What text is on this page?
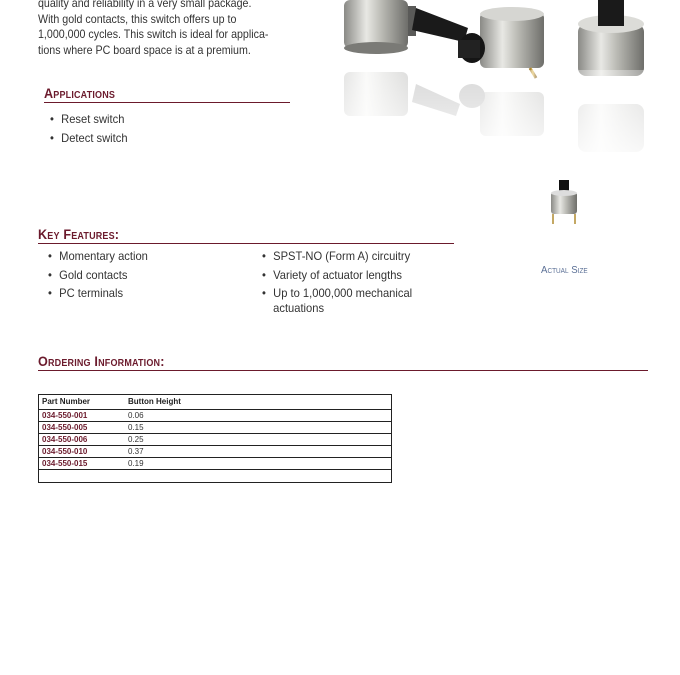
quality and reliability in a very small package.
With gold contacts, this switch offers up to
1,000,000 cycles. This switch is ideal for applica-
tions where PC board space is at a premium.
Applications
• Reset switch
• Detect switch
Actual Size
Key Features:
• Momentary action
• Gold contacts
• PC terminals
• SPST-NO (Form A) circuitry
• Variety of actuator lengths
• Up to 1,000,000 mechanical actuations
Ordering Information:
Part Number	Button Height
034-550-001	0.06
034-550-005	0.15
034-550-006	0.25
034-550-010	0.37
034-550-015	0.19
